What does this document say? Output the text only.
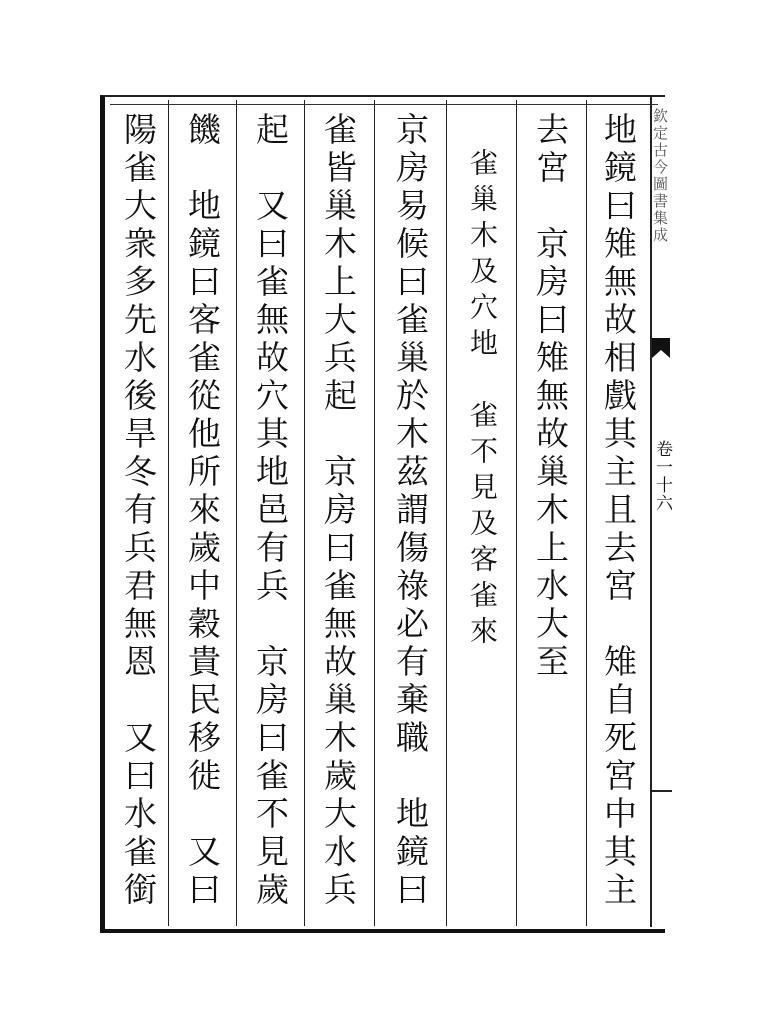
欽定古今圖書集成
卷一十六
地鏡曰雉無故相戲其主且去宮　雉自死宮中其主
去宮　京房曰雉無故巢木上水大至
　雀巢木及穴地　雀不見及客雀來
京房易候曰雀巢於木茲謂傷祿必有棄職　地鏡曰
雀皆巢木上大兵起　京房曰雀無故巢木歲大水兵
起　又曰雀無故穴其地邑有兵　京房曰雀不見歲
饑　地鏡曰客雀從他所來歲中穀貴民移徙　又曰
陽雀大衆多先水後旱冬有兵君無恩　又曰水雀銜
